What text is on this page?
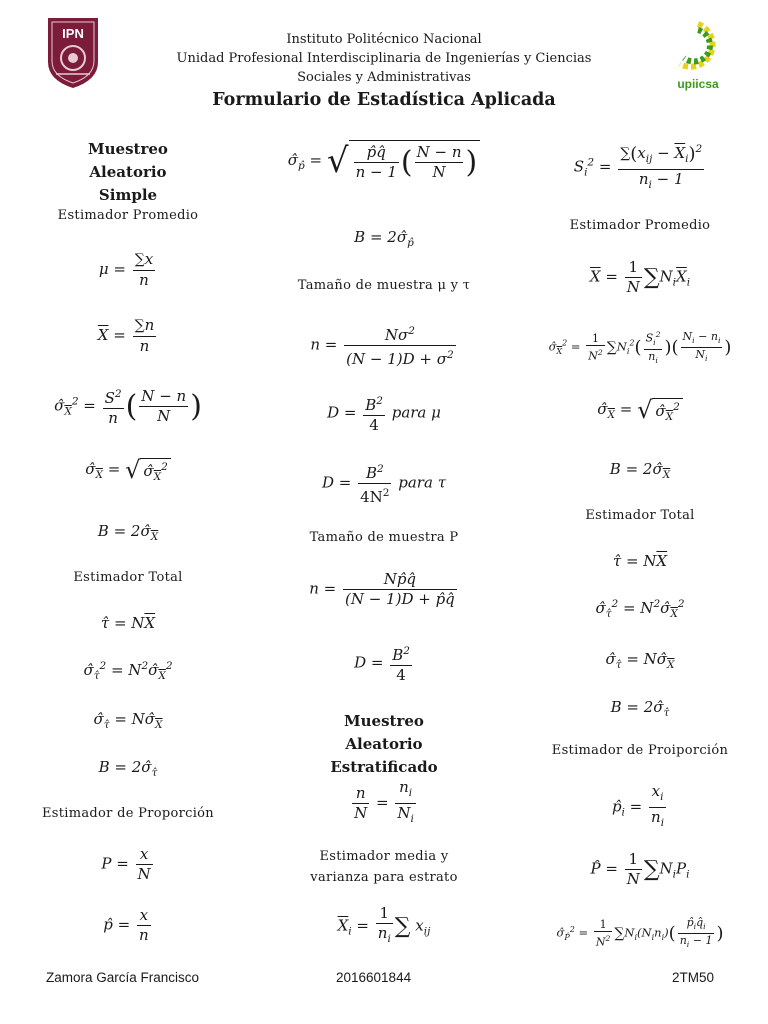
IPN
upiicsa
Instituto Politécnico Nacional
Unidad Profesional Interdisciplinaria de Ingenierías y Ciencias
Sociales y Administrativas
Formulario de Estadística Aplicada
Muestreo Aleatorio Simple
Estimador Promedio
$\mu = \frac{\sum x}{n}$
$\overline{X} = \frac{\sum n}{n}$
$\sigmâ_{\overline{X}}^2 = \frac{S^2}{n}$ ( $\frac{N - n}{N}$ )
$\sigmâ_{\overline{X}}$ = √ $\sigmâ_{\overline{X}}^2$
$B = 2\sigmâ_{\overline{X}}$
Estimador Total
τ̂ = $N\overline{X}$
$\sigmâ_{\taû}^2$ = $N^2\sigmâ_{\overline{X}}^2$
$\sigmâ_{\taû}$ = $N\sigmâ_{\overline{X}}$
$B = 2\sigmâ_{\taû}$
Estimador de Proporción
$P = \frac{x}{N}$
p̂ = $\frac{x}{n}$
$\sigmâ_{p̂}$ = √ $\frac{p̂q̂}{n - 1}$ ( $\frac{N - n}{N}$ )
$B = 2\sigmâ_{p̂}$
Tamaño de muestra μ y τ
$n = \frac{N\sigma^2}{(N - 1)D + \sigma^2}$
$D = \frac{B^2}{4}$ para μ
$D = \frac{B^2}{4N^2}$ para τ
Tamaño de muestra P
$n = \frac{Np̂q̂}{(N - 1)D + p̂q̂}$
$D = \frac{B^2}{4}$
Muestreo Aleatorio Estratificado
$\frac{n}{N} = \frac{n_i}{N_i}$
Estimador media y
varianza para estrato
$\overline{X}_i = \frac{1}{n_i}$ ∑ $x_{ij}$
$S_i^2 = \frac{\sum(x_{ij} - \overline{X}_i)^2}{n_i - 1}$
Estimador Promedio
$\overline{X} = \frac{1}{N} \sum N_i\overline{X}_i$
$\sigmâ_{\overline{X}}^2 = \frac{1}{N^2} \sum N_i^2( \frac{S_i^2}{n_i}$ )( $\frac{N_i - n_i}{N_i}$ )
$\sigmâ_{\overline{X}}$ = √ $\sigmâ_{\overline{X}}^2$
$B = 2\sigmâ_{\overline{X}}$
Estimador Total
τ̂ = $N\overline{X}$
$\sigmâ_{\taû}^2$ = $N^2\sigmâ_{\overline{X}}^2$
$\sigmâ_{\taû}$ = $N\sigmâ_{\overline{X}}$
$B = 2\sigmâ_{\taû}$
Estimador de Proiporción
$p̂_i = \frac{x_i}{n_i}$
P̂ = $\frac{1}{N} \sum N_iP_i$
$\sigmâ_{P̂}^2 = \frac{1}{N^2} \sum N_i(N_in_i)( \frac{p̂_iq̂_i}{n_i - 1}$ )
Zamora García Francisco	2016601844	2TM50
